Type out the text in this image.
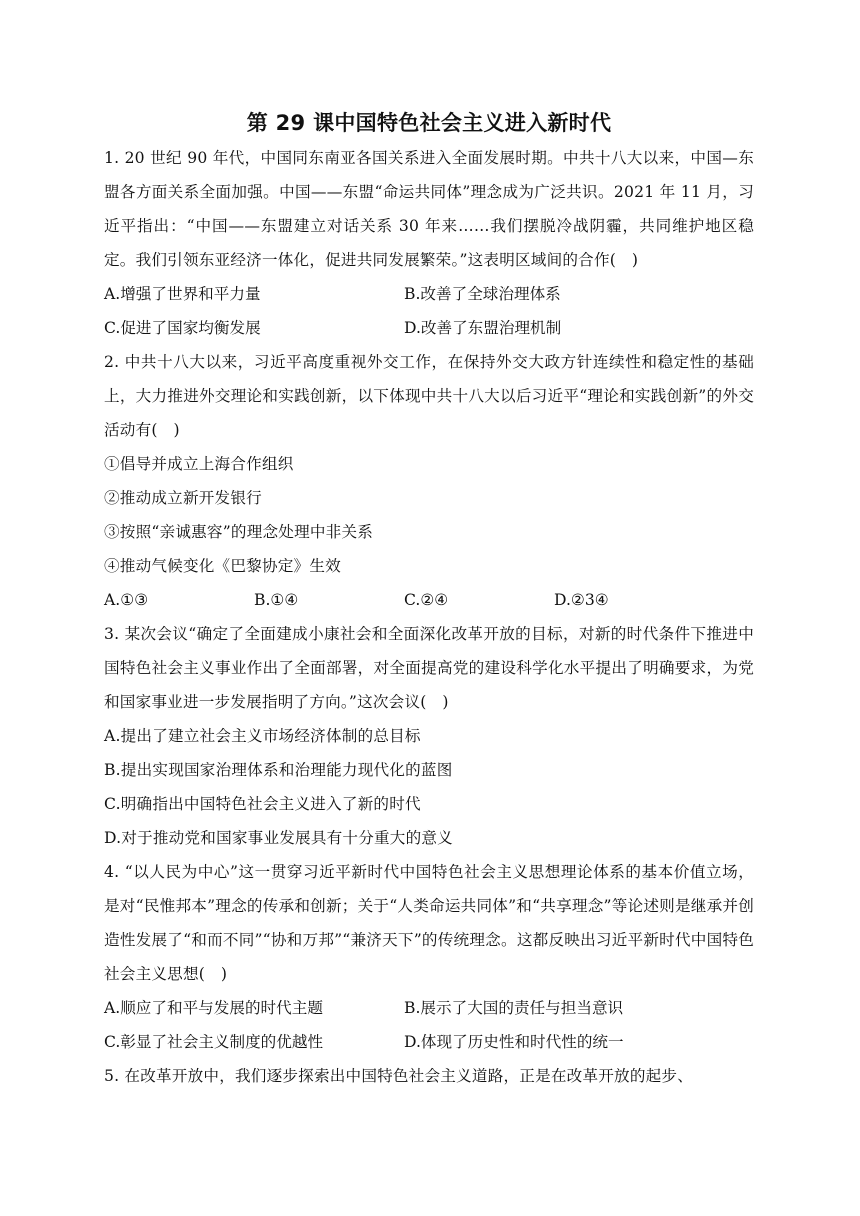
第 29 课中国特色社会主义进入新时代

1. 20 世纪 90 年代，中国同东南亚各国关系进入全面发展时期。中共十八大以来，中国—东盟各方面关系全面加强。中国——东盟“命运共同体”理念成为广泛共识。2021 年 11 月，习近平指出：“中国——东盟建立对话关系 30 年来……我们摆脱冷战阴霾，共同维护地区稳定。我们引领东亚经济一体化，促进共同发展繁荣。”这表明区域间的合作(　)

A.增强了世界和平力量	B.改善了全球治理体系
C.促进了国家均衡发展	D.改善了东盟治理机制

2. 中共十八大以来，习近平高度重视外交工作，在保持外交大政方针连续性和稳定性的基础上，大力推进外交理论和实践创新，以下体现中共十八大以后习近平“理论和实践创新”的外交活动有(　)

①倡导并成立上海合作组织
②推动成立新开发银行
③按照“亲诚惠容”的理念处理中非关系
④推动气候变化《巴黎协定》生效
A.①③	B.①④	C.②④	D.②3④

3. 某次会议“确定了全面建成小康社会和全面深化改革开放的目标，对新的时代条件下推进中国特色社会主义事业作出了全面部署，对全面提高党的建设科学化水平提出了明确要求，为党和国家事业进一步发展指明了方向。”这次会议(　)

A.提出了建立社会主义市场经济体制的总目标
B.提出实现国家治理体系和治理能力现代化的蓝图
C.明确指出中国特色社会主义进入了新的时代
D.对于推动党和国家事业发展具有十分重大的意义

4. “以人民为中心”这一贯穿习近平新时代中国特色社会主义思想理论体系的基本价值立场，是对“民惟邦本”理念的传承和创新；关于“人类命运共同体”和“共享理念”等论述则是继承并创造性发展了“和而不同”“协和万邦”“兼济天下”的传统理念。这都反映出习近平新时代中国特色社会主义思想(　)

A.顺应了和平与发展的时代主题	B.展示了大国的责任与担当意识
C.彰显了社会主义制度的优越性	D.体现了历史性和时代性的统一

5. 在改革开放中，我们逐步探索出中国特色社会主义道路，正是在改革开放的起步、
